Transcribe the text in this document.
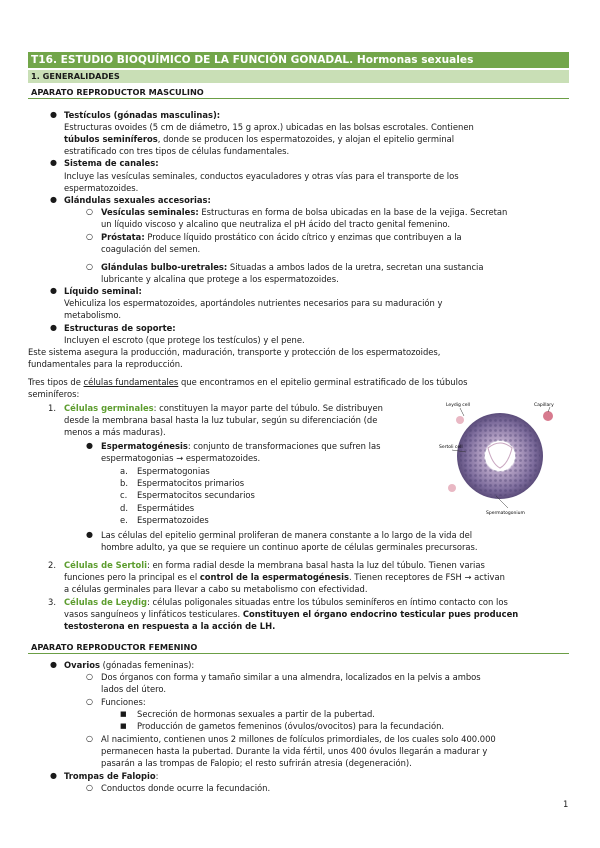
T16. ESTUDIO BIOQUÍMICO DE LA FUNCIÓN GONADAL. Hormonas sexuales
1. GENERALIDADES
APARATO REPRODUCTOR MASCULINO
● Testículos (gónadas masculinas):
Estructuras ovoides (5 cm de diámetro, 15 g aprox.) ubicadas en las bolsas escrotales. Contienen
túbulos seminíferos, donde se producen los espermatozoides, y alojan el epitelio germinal
estratificado con tres tipos de células fundamentales.
● Sistema de canales:
Incluye las vesículas seminales, conductos eyaculadores y otras vías para el transporte de los
espermatozoides.
● Glándulas sexuales accesorias:
○ Vesículas seminales: Estructuras en forma de bolsa ubicadas en la base de la vejiga. Secretan
un líquido viscoso y alcalino que neutraliza el pH ácido del tracto genital femenino.
○ Próstata: Produce líquido prostático con ácido cítrico y enzimas que contribuyen a la
coagulación del semen.
○ Glándulas bulbo-uretrales: Situadas a ambos lados de la uretra, secretan una sustancia
lubricante y alcalina que protege a los espermatozoides.
● Líquido seminal:
Vehiculiza los espermatozoides, aportándoles nutrientes necesarios para su maduración y
metabolismo.
● Estructuras de soporte:
Incluyen el escroto (que protege los testículos) y el pene.
Este sistema asegura la producción, maduración, transporte y protección de los espermatozoides,
fundamentales para la reproducción.
Tres tipos de células fundamentales que encontramos en el epitelio germinal estratificado de los túbulos
seminíferos:
1. Células germinales: constituyen la mayor parte del túbulo. Se distribuyen
desde la membrana basal hasta la luz tubular, según su diferenciación (de
menos a más maduras).
● Espermatogénesis: conjunto de transformaciones que sufren las
espermatogonias → espermatozoides.
a. Espermatogonias
b. Espermatocitos primarios
c. Espermatocitos secundarios
d. Espermátides
e. Espermatozoides
● Las células del epitelio germinal proliferan de manera constante a lo largo de la vida del
hombre adulto, ya que se requiere un continuo aporte de células germinales precursoras.
2. Células de Sertoli: en forma radial desde la membrana basal hasta la luz del túbulo. Tienen varias
funciones pero la principal es el control de la espermatogénesis. Tienen receptores de FSH → activan
a células germinales para llevar a cabo su metabolismo con efectividad.
3. Células de Leydig: células poligonales situadas entre los túbulos seminíferos en íntimo contacto con los
vasos sanguíneos y linfáticos testiculares. Constituyen el órgano endocrino testicular pues producen
testosterona en respuesta a la acción de LH.
Leydig cell	Capillary
Sertoli cell
Spermatogonium
APARATO REPRODUCTOR FEMENINO
● Ovarios (gónadas femeninas):
○ Dos órganos con forma y tamaño similar a una almendra, localizados en la pelvis a ambos
lados del útero.
○ Funciones:
■ Secreción de hormonas sexuales a partir de la pubertad.
■ Producción de gametos femeninos (óvulos/ovocitos) para la fecundación.
○ Al nacimiento, contienen unos 2 millones de folículos primordiales, de los cuales solo 400.000
permanecen hasta la pubertad. Durante la vida fértil, unos 400 óvulos llegarán a madurar y
pasarán a las trompas de Falopio; el resto sufrirán atresia (degeneración).
● Trompas de Falopio:
○ Conductos donde ocurre la fecundación.
1
